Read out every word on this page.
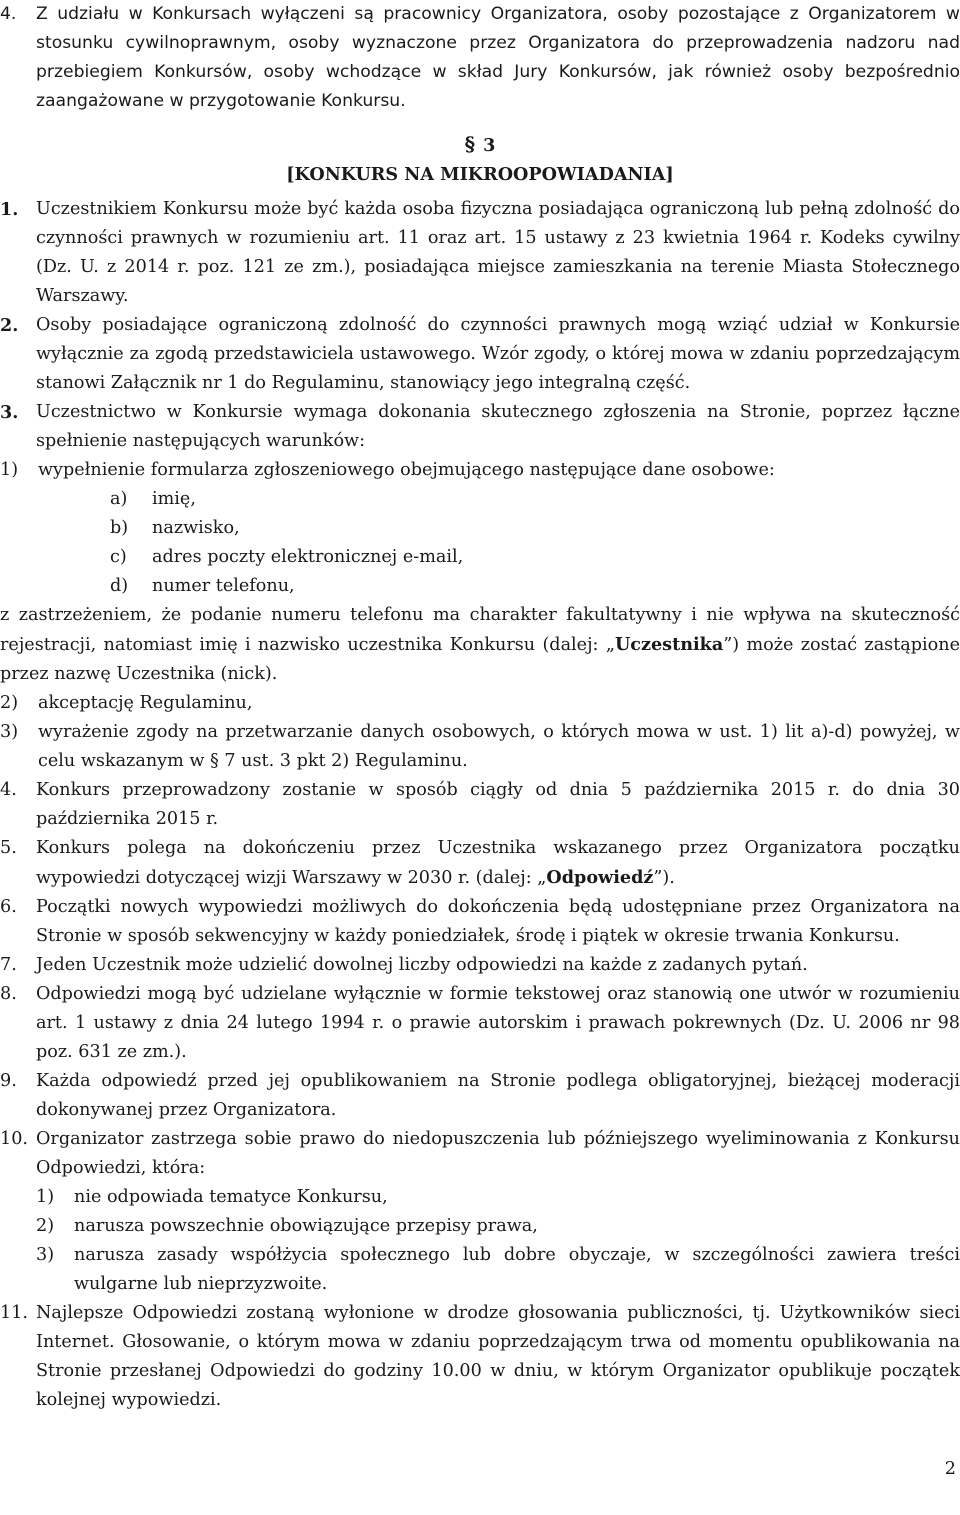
4.	Z udziału w Konkursach wyłączeni są pracownicy Organizatora, osoby pozostające z Organizatorem w stosunku cywilnoprawnym, osoby wyznaczone przez Organizatora do przeprowadzenia nadzoru nad przebiegiem Konkursów, osoby wchodzące w skład Jury Konkursów, jak również osoby bezpośrednio zaangażowane w przygotowanie Konkursu.
§ 3
[KONKURS NA MIKROOPOWIADANIA]
1.	Uczestnikiem Konkursu może być każda osoba fizyczna posiadająca ograniczoną lub pełną zdolność do czynności prawnych w rozumieniu art. 11 oraz art. 15 ustawy z 23 kwietnia 1964 r. Kodeks cywilny (Dz. U. z 2014 r. poz. 121 ze zm.), posiadająca miejsce zamieszkania na terenie Miasta Stołecznego Warszawy.
2.	Osoby posiadające ograniczoną zdolność do czynności prawnych mogą wziąć udział w Konkursie wyłącznie za zgodą przedstawiciela ustawowego. Wzór zgody, o której mowa w zdaniu poprzedzającym stanowi Załącznik nr 1 do Regulaminu, stanowiący jego integralną część.
3.	Uczestnictwo w Konkursie wymaga dokonania skutecznego zgłoszenia na Stronie, poprzez łączne spełnienie następujących warunków:
1)	wypełnienie formularza zgłoszeniowego obejmującego następujące dane osobowe:
a)	imię,
b)	nazwisko,
c)	adres poczty elektronicznej e-mail,
d)	numer telefonu,

z zastrzeżeniem, że podanie numeru telefonu ma charakter fakultatywny i nie wpływa na skuteczność rejestracji, natomiast imię i nazwisko uczestnika Konkursu (dalej: „Uczestnika”) może zostać zastąpione przez nazwę Uczestnika (nick).

2)	akceptację Regulaminu,
3)	wyrażenie zgody na przetwarzanie danych osobowych, o których mowa w ust. 1) lit a)-d) powyżej, w celu wskazanym w § 7 ust. 3 pkt 2) Regulaminu.
4.	Konkurs przeprowadzony zostanie w sposób ciągły od dnia 5 października 2015 r. do dnia 30 października 2015 r.
5.	Konkurs polega na dokończeniu przez Uczestnika wskazanego przez Organizatora początku wypowiedzi dotyczącej wizji Warszawy w 2030 r. (dalej: „Odpowiedź”).
6.	Początki nowych wypowiedzi możliwych do dokończenia będą udostępniane przez Organizatora na Stronie w sposób sekwencyjny w każdy poniedziałek, środę i piątek w okresie trwania Konkursu.
7.	Jeden Uczestnik może udzielić dowolnej liczby odpowiedzi na każde z zadanych pytań.
8.	Odpowiedzi mogą być udzielane wyłącznie w formie tekstowej oraz stanowią one utwór w rozumieniu art. 1 ustawy z dnia 24 lutego 1994 r. o prawie autorskim i prawach pokrewnych (Dz. U. 2006 nr 98 poz. 631 ze zm.).
9.	Każda odpowiedź przed jej opublikowaniem na Stronie podlega obligatoryjnej, bieżącej moderacji dokonywanej przez Organizatora.
10. Organizator zastrzega sobie prawo do niedopuszczenia lub późniejszego wyeliminowania z Konkursu Odpowiedzi, która:
1)	nie odpowiada tematyce Konkursu,
2)	narusza powszechnie obowiązujące przepisy prawa,
3)	narusza zasady współżycia społecznego lub dobre obyczaje, w szczególności zawiera treści wulgarne lub nieprzyzwoite.
11. Najlepsze Odpowiedzi zostaną wyłonione w drodze głosowania publiczności, tj. Użytkowników sieci Internet. Głosowanie, o którym mowa w zdaniu poprzedzającym trwa od momentu opublikowania na Stronie przesłanej Odpowiedzi do godziny 10.00 w dniu, w którym Organizator opublikuje początek kolejnej wypowiedzi.
2
